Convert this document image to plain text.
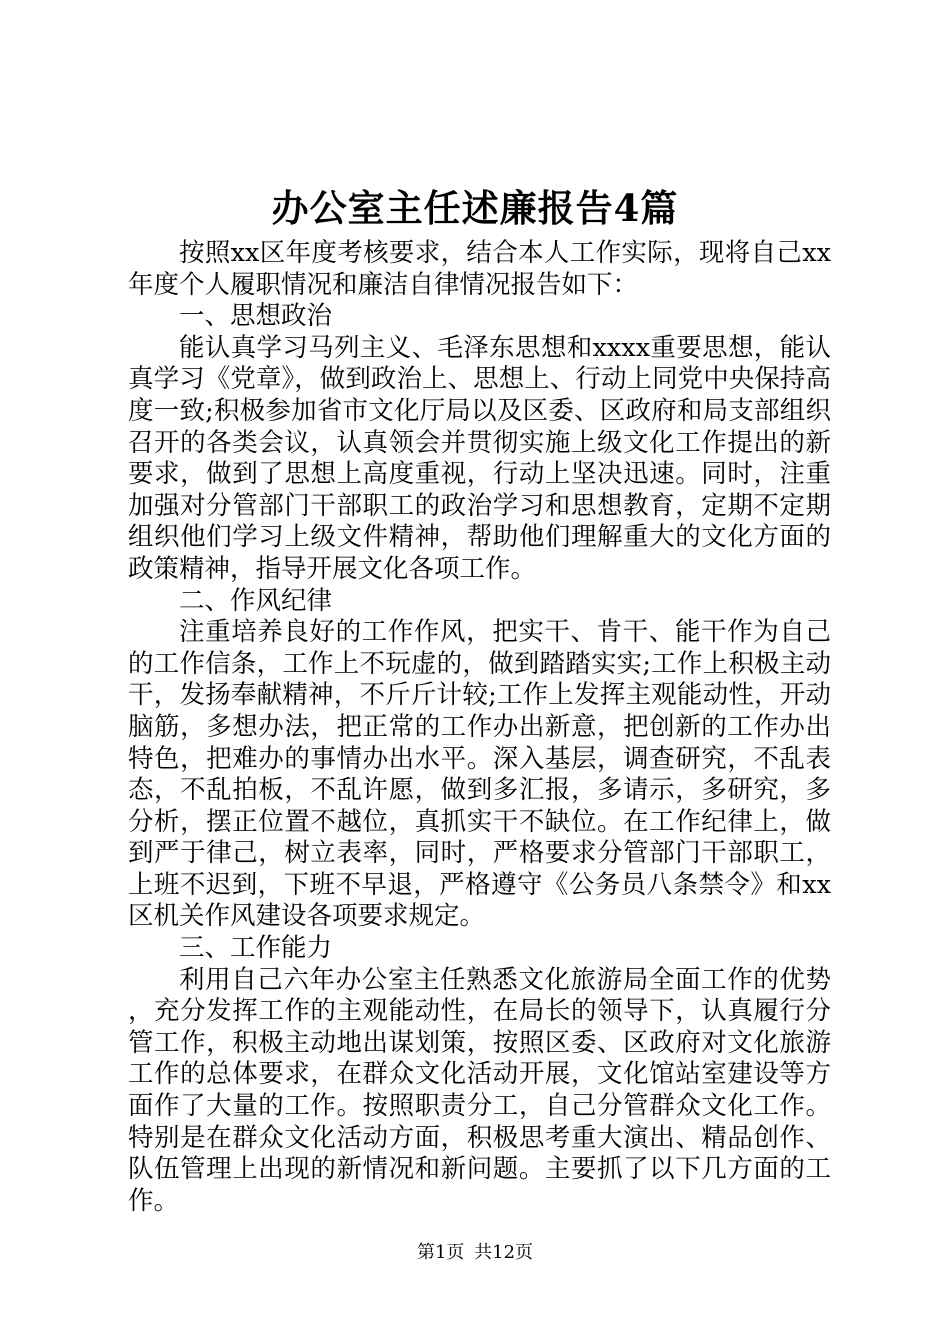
办公室主任述廉报告4篇

按照xx区年度考核要求，结合本人工作实际，现将自己xx年度个人履职情况和廉洁自律情况报告如下：

一、思想政治

能认真学习马列主义、毛泽东思想和xxxx重要思想，能认真学习《党章》，做到政治上、思想上、行动上同党中央保持高度一致;积极参加省市文化厅局以及区委、区政府和局支部组织召开的各类会议，认真领会并贯彻实施上级文化工作提出的新要求，做到了思想上高度重视，行动上坚决迅速。同时，注重加强对分管部门干部职工的政治学习和思想教育，定期不定期组织他们学习上级文件精神，帮助他们理解重大的文化方面的政策精神，指导开展文化各项工作。

二、作风纪律

注重培养良好的工作作风，把实干、肯干、能干作为自己的工作信条，工作上不玩虚的，做到踏踏实实;工作上积极主动干，发扬奉献精神，不斤斤计较;工作上发挥主观能动性，开动脑筋，多想办法，把正常的工作办出新意，把创新的工作办出特色，把难办的事情办出水平。深入基层，调查研究，不乱表态，不乱拍板，不乱许愿，做到多汇报，多请示，多研究，多分析，摆正位置不越位，真抓实干不缺位。在工作纪律上，做到严于律己，树立表率，同时，严格要求分管部门干部职工，上班不迟到，下班不早退，严格遵守《公务员八条禁令》和xx区机关作风建设各项要求规定。

三、工作能力

利用自己六年办公室主任熟悉文化旅游局全面工作的优势，充分发挥工作的主观能动性，在局长的领导下，认真履行分管工作，积极主动地出谋划策，按照区委、区政府对文化旅游工作的总体要求，在群众文化活动开展，文化馆站室建设等方面作了大量的工作。按照职责分工，自己分管群众文化工作。特别是在群众文化活动方面，积极思考重大演出、精品创作、队伍管理上出现的新情况和新问题。主要抓了以下几方面的工作。

第1页 共12页
